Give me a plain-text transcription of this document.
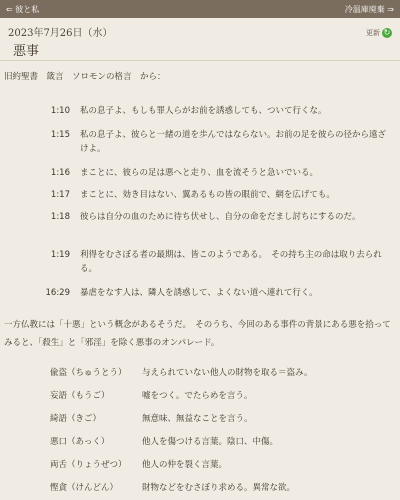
⇐ 彼と私	冷温庫廃棄 ⇒
2023年7月26日（水）
悪事
更新 ↻
旧約聖書　箴言　ソロモンの格言　から：
1:10 私の息子よ、もしも罪人らがお前を誘惑しても、ついて行くな。
1:15 私の息子よ、彼らと一緒の道を歩んではならない。お前の足を彼らの径から遠ざけよ。
1:16 まことに、彼らの足は悪へと走り、血を流そうと急いでいる。
1:17 まことに、効き目はない、翼あるもの皆の眼前で、網を広げても。
1:18 彼らは自分の血のために待ち伏せし、自分の命をだまし討ちにするのだ。
1:19 利得をむさぼる者の最期は、皆このようである。　その持ち主の命は取り去られる。
16:29 暴虐をなす人は、隣人を誘惑して、よくない道へ連れて行く。
一方仏教には「十悪」という概念があるそうだ。　そのうち、今回のある事件の背景にある悪を拾ってみると、「殺生」と「邪淫」を除く悪事のオンパレード。
偸盗（ちゅうとう）	与えられていない他人の財物を取る＝盗み。
妄語（もうご）	嘘をつく。でたらめを言う。
綺語（きご）	無意味、無益なことを言う。
悪口（あっく）	他人を傷つける言葉。陰口、中傷。
両舌（りょうぜつ）	他人の仲を裂く言葉。
慳貪（けんどん）	財物などをむさぼり求める。異常な欲。
